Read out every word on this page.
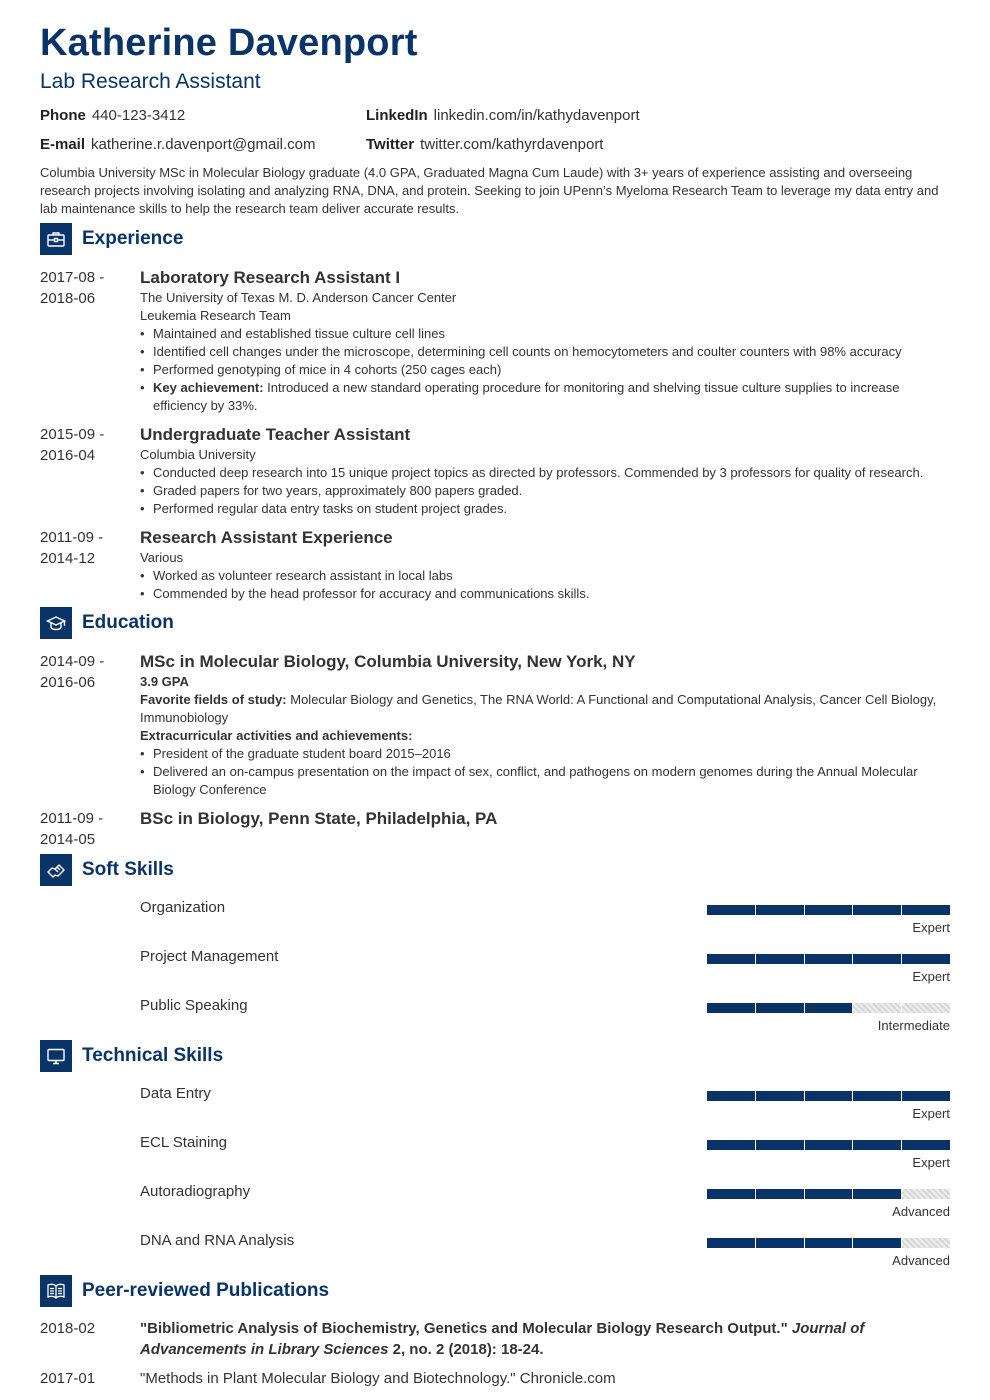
Katherine Davenport
Lab Research Assistant
Phone 440-123-3412	LinkedIn linkedin.com/in/kathydavenport
E-mail katherine.r.davenport@gmail.com	Twitter twitter.com/kathyrdavenport
Columbia University MSc in Molecular Biology graduate (4.0 GPA, Graduated Magna Cum Laude) with 3+ years of experience assisting and overseeing research projects involving isolating and analyzing RNA, DNA, and protein. Seeking to join UPenn’s Myeloma Research Team to leverage my data entry and lab maintenance skills to help the research team deliver accurate results.
Experience
2017-08 -
2018-06
Laboratory Research Assistant I
The University of Texas M. D. Anderson Cancer Center
Leukemia Research Team
• Maintained and established tissue culture cell lines
• Identified cell changes under the microscope, determining cell counts on hemocytometers and coulter counters with 98% accuracy
• Performed genotyping of mice in 4 cohorts (250 cages each)
• Key achievement: Introduced a new standard operating procedure for monitoring and shelving tissue culture supplies to increase efficiency by 33%.
2015-09 -
2016-04
Undergraduate Teacher Assistant
Columbia University
• Conducted deep research into 15 unique project topics as directed by professors. Commended by 3 professors for quality of research.
• Graded papers for two years, approximately 800 papers graded.
• Performed regular data entry tasks on student project grades.
2011-09 -
2014-12
Research Assistant Experience
Various
• Worked as volunteer research assistant in local labs
• Commended by the head professor for accuracy and communications skills.
Education
2014-09 -
2016-06
MSc in Molecular Biology, Columbia University, New York, NY
3.9 GPA
Favorite fields of study: Molecular Biology and Genetics, The RNA World: A Functional and Computational Analysis, Cancer Cell Biology, Immunobiology
Extracurricular activities and achievements:
• President of the graduate student board 2015–2016
• Delivered an on-campus presentation on the impact of sex, conflict, and pathogens on modern genomes during the Annual Molecular Biology Conference
2011-09 -
2014-05
BSc in Biology, Penn State, Philadelphia, PA
Soft Skills
Organization
Expert
Project Management
Expert
Public Speaking
Intermediate
Technical Skills
Data Entry
Expert
ECL Staining
Expert
Autoradiography
Advanced
DNA and RNA Analysis
Advanced
Peer-reviewed Publications
2018-02	"Bibliometric Analysis of Biochemistry, Genetics and Molecular Biology Research Output." Journal of Advancements in Library Sciences 2, no. 2 (2018): 18-24.
2017-01	"Methods in Plant Molecular Biology and Biotechnology." Chronicle.com
